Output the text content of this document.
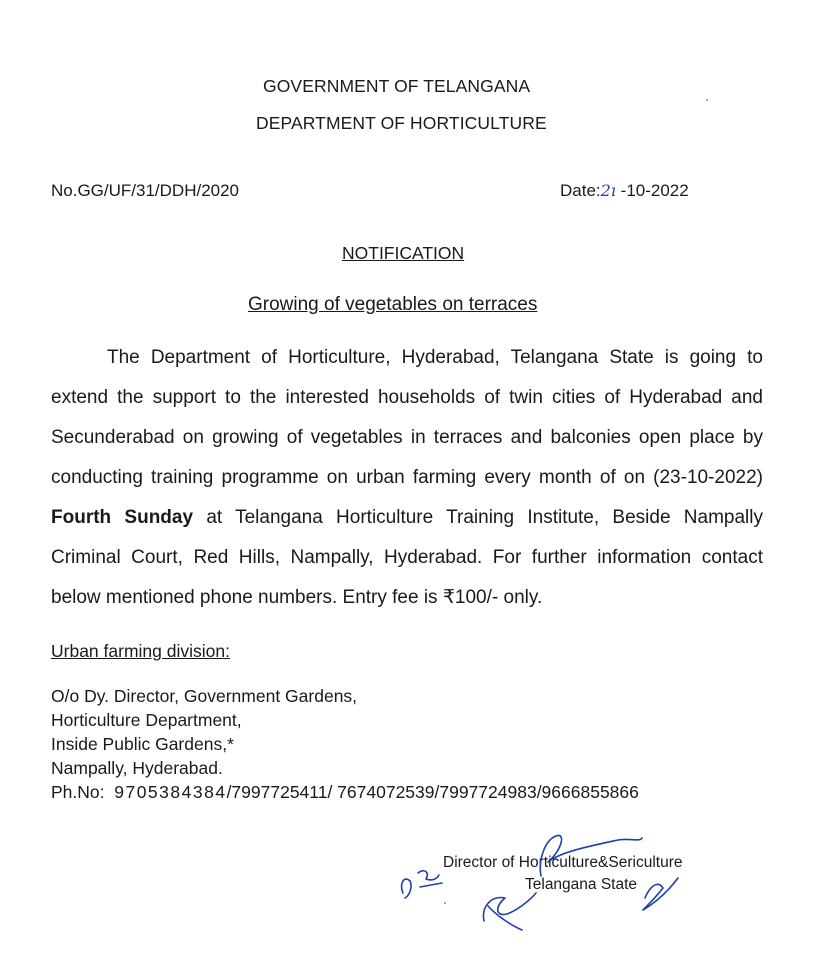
GOVERNMENT OF TELANGANA
DEPARTMENT OF HORTICULTURE
No.GG/UF/31/DDH/2020	Date:2ı -10-2022
NOTIFICATION
Growing of vegetables on terraces
The Department of Horticulture, Hyderabad, Telangana State is going to
extend the support to the interested households of twin cities of Hyderabad and
Secunderabad on growing of vegetables in terraces and balconies open place by
conducting training programme on urban farming every month of on (23-10-2022)
Fourth Sunday at Telangana Horticulture Training Institute, Beside Nampally
Criminal Court, Red Hills, Nampally, Hyderabad. For further information contact
below mentioned phone numbers. Entry fee is ₹100/- only.
Urban farming division:
O/o Dy. Director, Government Gardens,
Horticulture Department,
Inside Public Gardens,*
Nampally, Hyderabad.
Ph.No: 9705384384/7997725411/ 7674072539/7997724983/9666855866
Director of Horticulture&Sericulture
Telangana State
